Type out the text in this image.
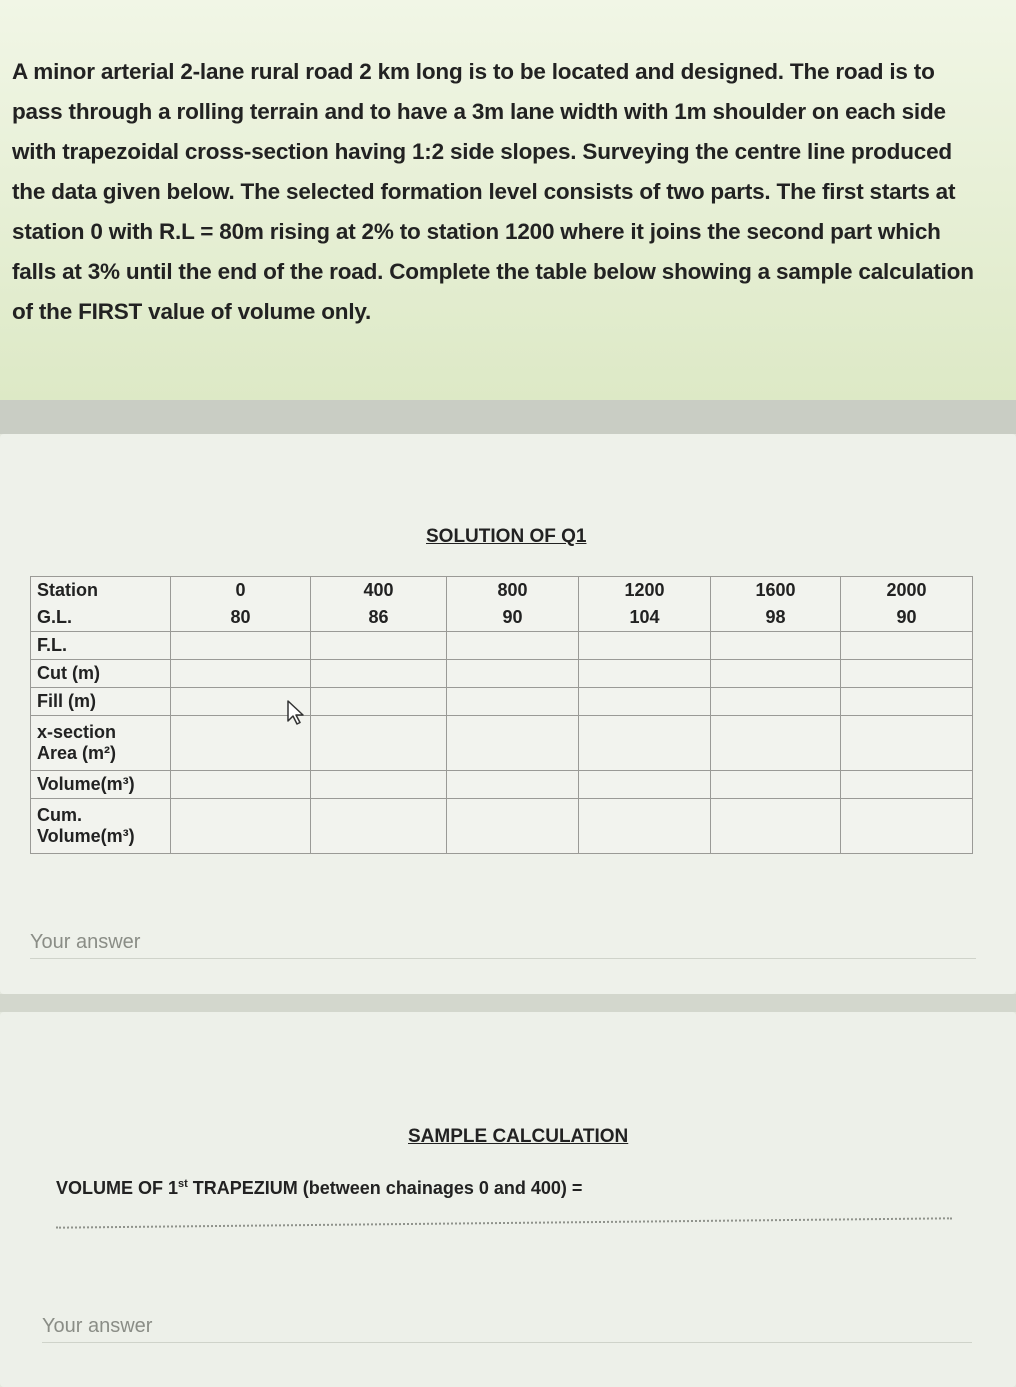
A minor arterial 2-lane rural road 2 km long is to be located and designed. The road is to pass through a rolling terrain and to have a 3m lane width with 1m shoulder on each side with trapezoidal cross-section having 1:2 side slopes. Surveying the centre line produced the data given below. The selected formation level consists of two parts. The first starts at station 0 with R.L = 80m rising at 2% to station 1200 where it joins the second part which falls at 3% until the end of the road. Complete the table below showing a sample calculation of the FIRST value of volume only.
SOLUTION OF Q1
Station	0	400	800	1200	1600	2000
G.L.	80	86	90	104	98	90
F.L.						
Cut (m)						
Fill (m)						

x-section
Area (m²)						

Volume(m³)						

Cum.
Volume(m³)						

Your answer
SAMPLE CALCULATION
VOLUME OF 1st TRAPEZIUM (between chainages 0 and 400) =
Your answer
